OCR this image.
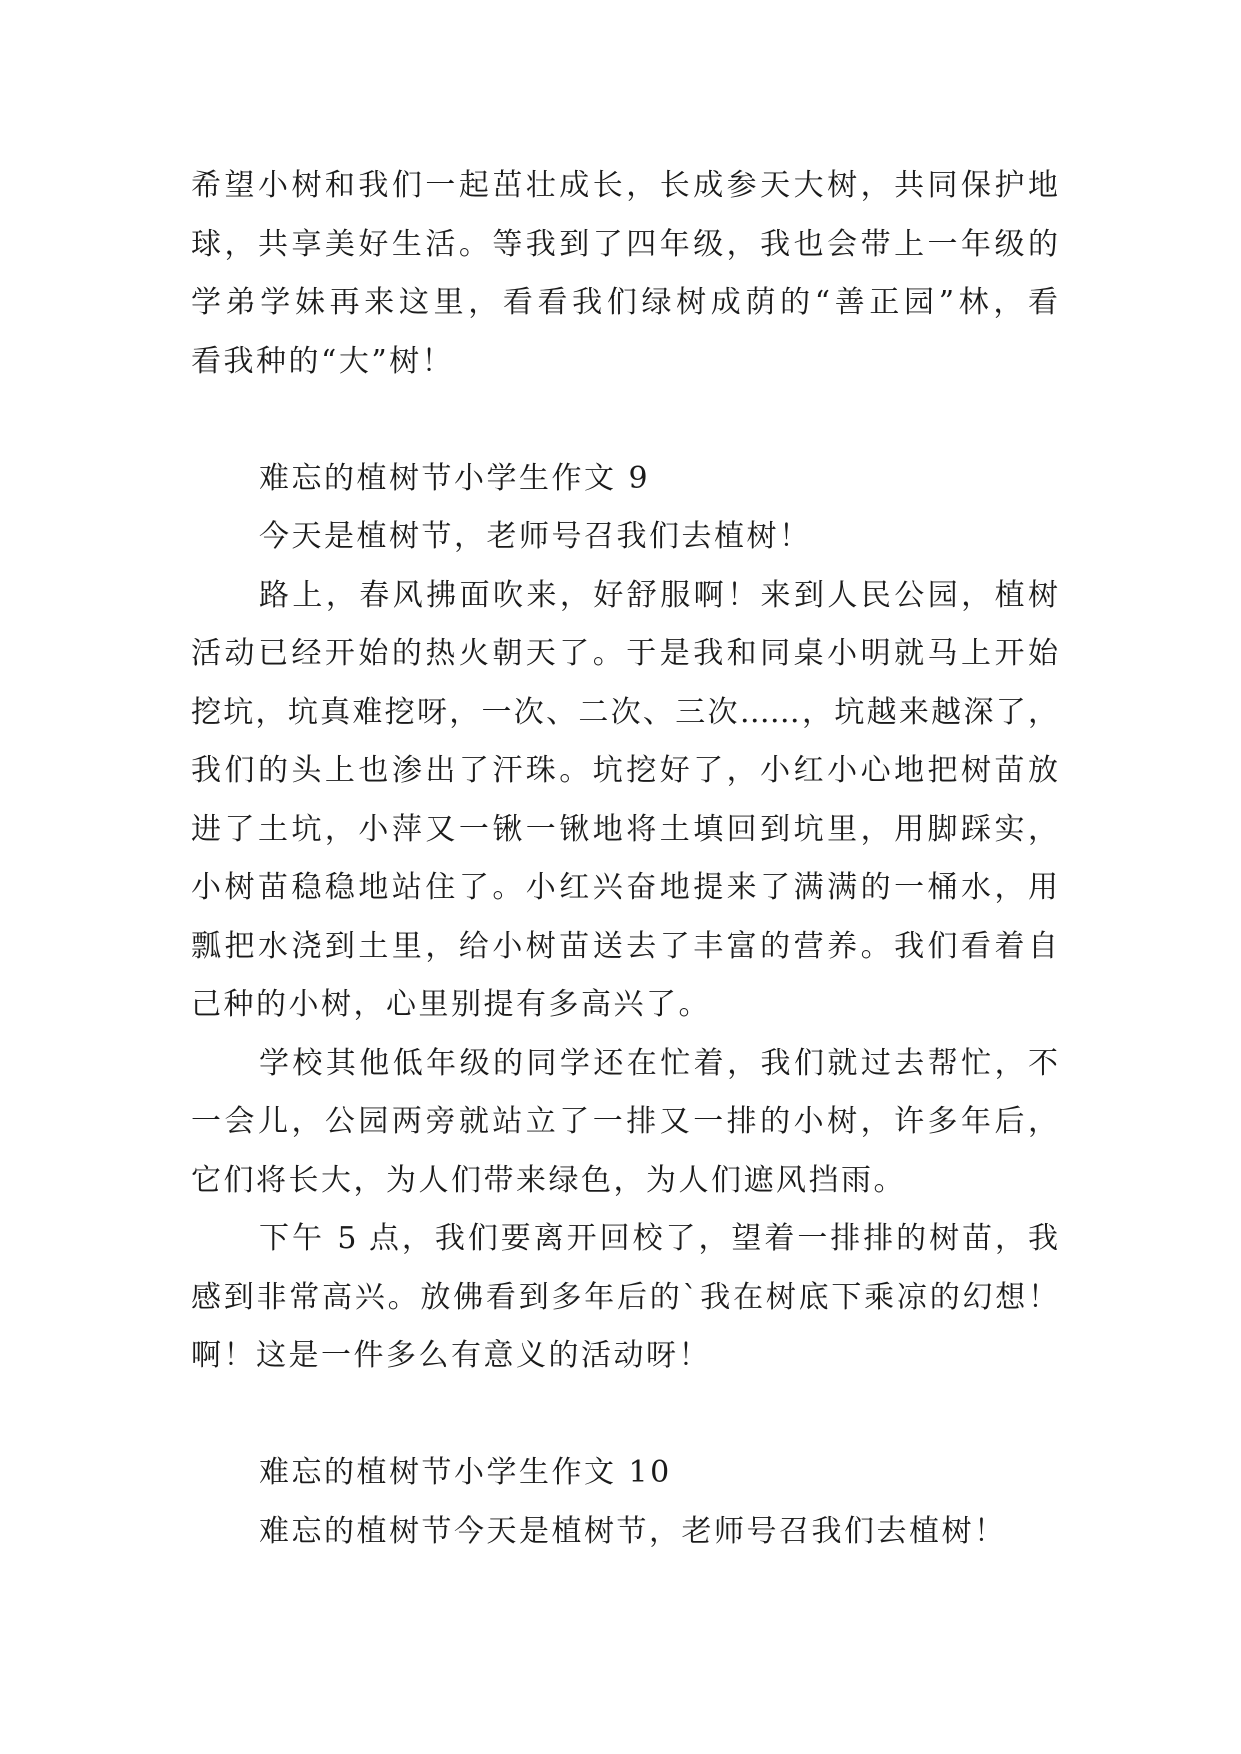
希望小树和我们一起茁壮成长，长成参天大树，共同保护地
球，共享美好生活。等我到了四年级，我也会带上一年级的
学弟学妹再来这里，看看我们绿树成荫的“善正园”林，看
看我种的“大”树！
难忘的植树节小学生作文 9
今天是植树节，老师号召我们去植树！
路上，春风拂面吹来，好舒服啊！来到人民公园，植树
活动已经开始的热火朝天了。于是我和同桌小明就马上开始
挖坑，坑真难挖呀，一次、二次、三次……，坑越来越深了，
我们的头上也渗出了汗珠。坑挖好了，小红小心地把树苗放
进了土坑，小萍又一锹一锹地将土填回到坑里，用脚踩实，
小树苗稳稳地站住了。小红兴奋地提来了满满的一桶水，用
瓢把水浇到土里，给小树苗送去了丰富的营养。我们看着自
己种的小树，心里别提有多高兴了。
学校其他低年级的同学还在忙着，我们就过去帮忙，不
一会儿，公园两旁就站立了一排又一排的小树，许多年后，
它们将长大，为人们带来绿色，为人们遮风挡雨。
下午 5 点，我们要离开回校了，望着一排排的树苗，我
感到非常高兴。放佛看到多年后的`我在树底下乘凉的幻想！
啊！这是一件多么有意义的活动呀！
难忘的植树节小学生作文 10
难忘的植树节今天是植树节，老师号召我们去植树！
